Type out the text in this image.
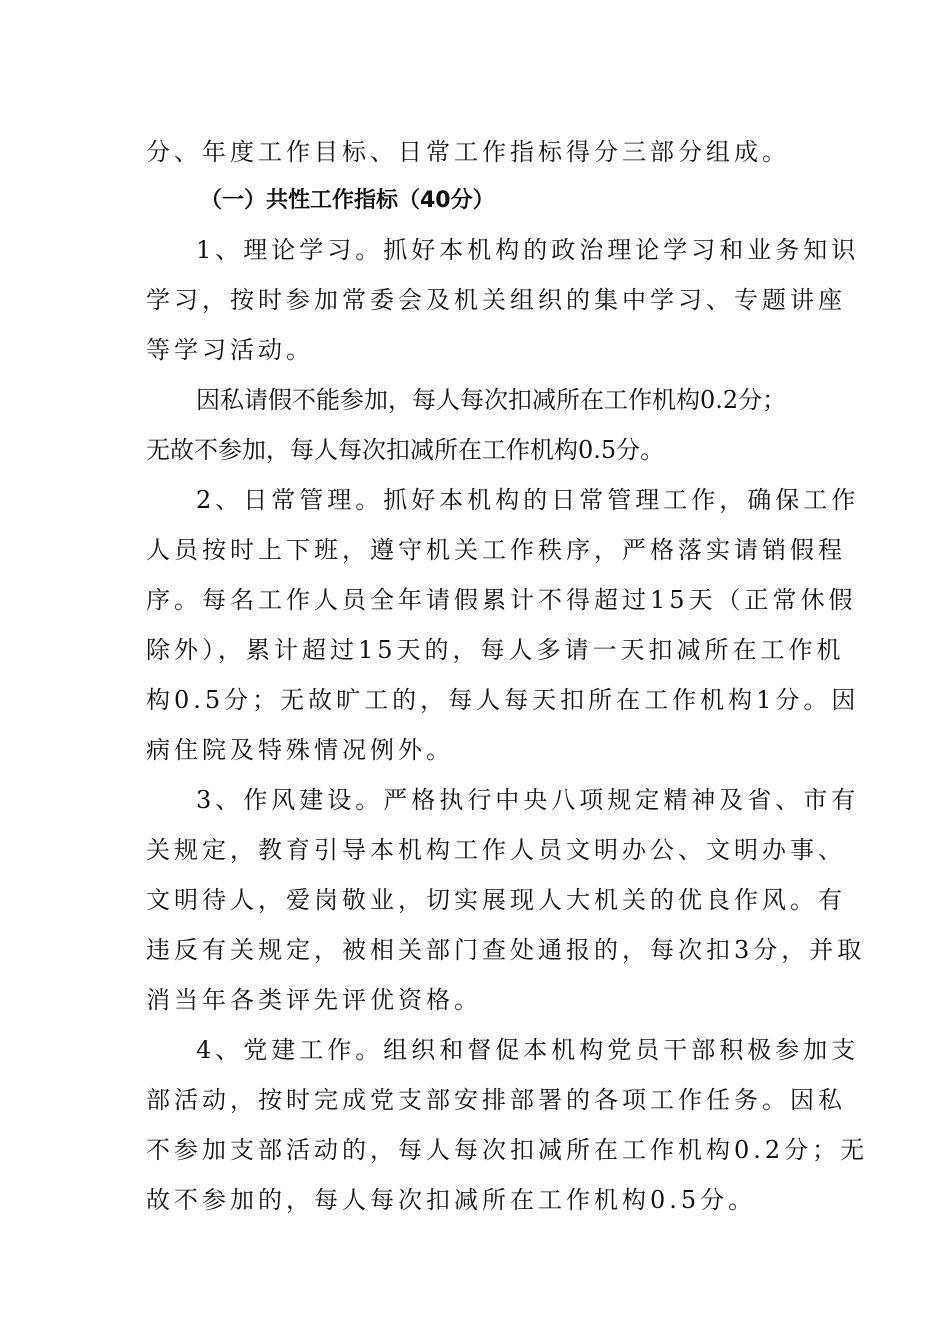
分、年度工作目标、日常工作指标得分三部分组成。
（一）共性工作指标（40分）
1、理论学习。抓好本机构的政治理论学习和业务知识
学习，按时参加常委会及机关组织的集中学习、专题讲座
等学习活动。
因私请假不能参加，每人每次扣减所在工作机构0.2分；
无故不参加，每人每次扣减所在工作机构0.5分。
2、日常管理。抓好本机构的日常管理工作，确保工作
人员按时上下班，遵守机关工作秩序，严格落实请销假程
序。每名工作人员全年请假累计不得超过15天（正常休假
除外），累计超过15天的，每人多请一天扣减所在工作机
构0.5分；无故旷工的，每人每天扣所在工作机构1分。因
病住院及特殊情况例外。
3、作风建设。严格执行中央八项规定精神及省、市有
关规定，教育引导本机构工作人员文明办公、文明办事、
文明待人，爱岗敬业，切实展现人大机关的优良作风。有
违反有关规定，被相关部门查处通报的，每次扣3分，并取
消当年各类评先评优资格。
4、党建工作。组织和督促本机构党员干部积极参加支
部活动，按时完成党支部安排部署的各项工作任务。因私
不参加支部活动的，每人每次扣减所在工作机构0.2分；无
故不参加的，每人每次扣减所在工作机构0.5分。
